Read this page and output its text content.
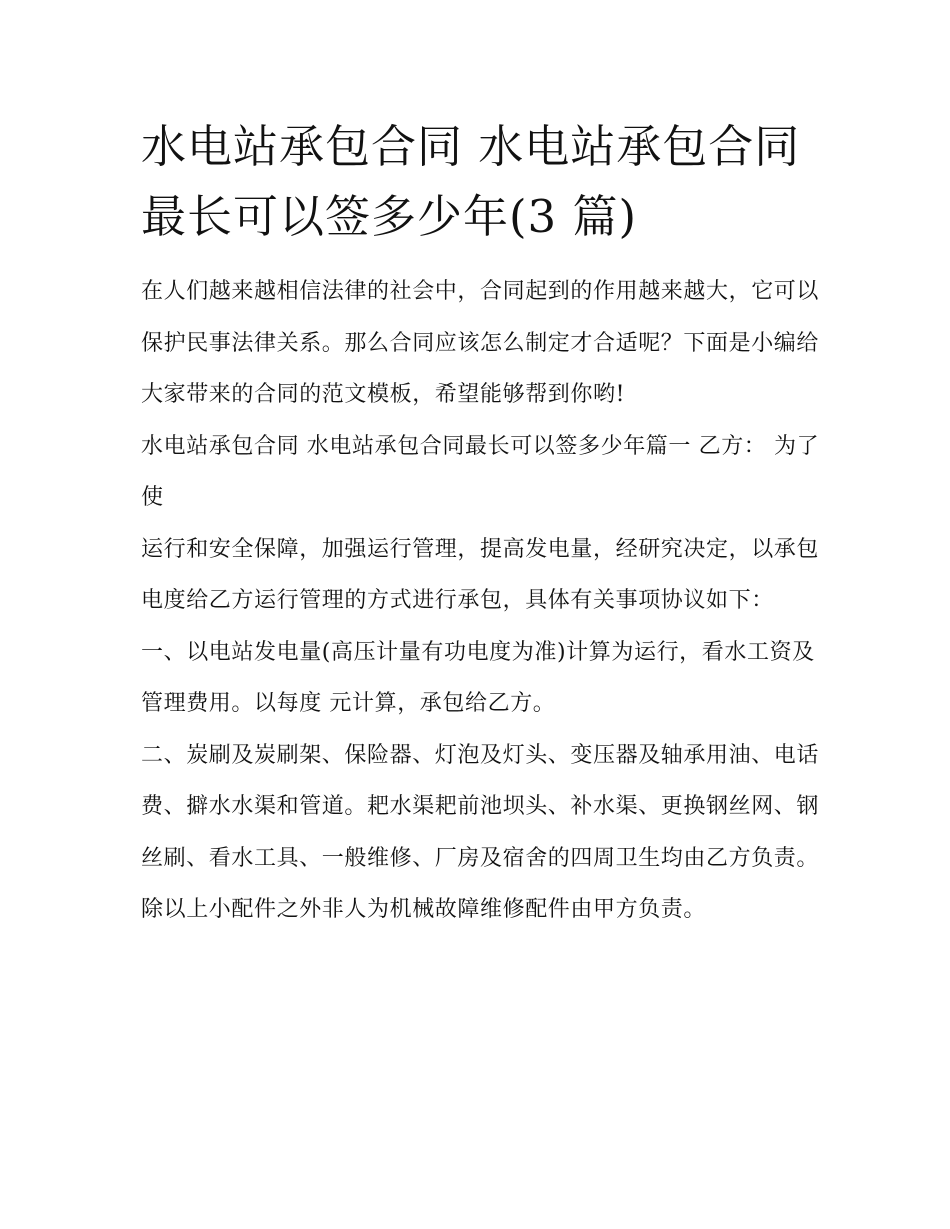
水电站承包合同 水电站承包合同最长可以签多少年(3 篇)

在人们越来越相信法律的社会中，合同起到的作用越来越大，它可以保护民事法律关系。那么合同应该怎么制定才合适呢？下面是小编给大家带来的合同的范文模板，希望能够帮到你哟!

水电站承包合同 水电站承包合同最长可以签多少年篇一 乙方： 为了使

运行和安全保障，加强运行管理，提高发电量，经研究决定，以承包电度给乙方运行管理的方式进行承包，具体有关事项协议如下：

一、以电站发电量(高压计量有功电度为准)计算为运行，看水工资及管理费用。以每度 元计算，承包给乙方。

二、炭刷及炭刷架、保险器、灯泡及灯头、变压器及轴承用油、电话费、擗水水渠和管道。耙水渠耙前池坝头、补水渠、更换钢丝网、钢丝刷、看水工具、一般维修、厂房及宿舍的四周卫生均由乙方负责。除以上小配件之外非人为机械故障维修配件由甲方负责。
